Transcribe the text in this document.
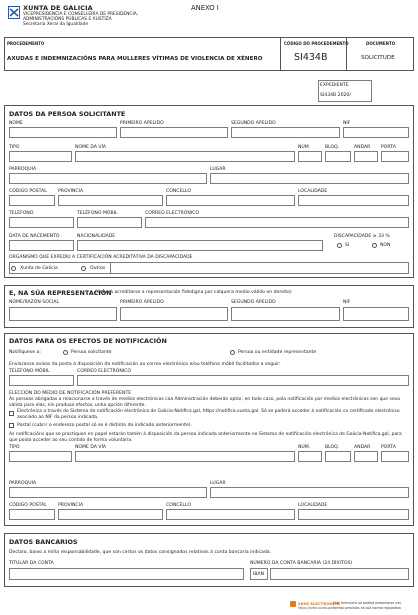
XUNTA DE GALICIA
VICEPRESIDENCIA E CONSELLERÍA DE PRESIDENCIA,
ADMINISTRACIÓNS PÚBLICAS E XUSTIZA
Secretaría Xeral da Igualdade
ANEXO I
PROCEDEMENTO
AXUDAS E INDEMNIZACIÓNS PARA MULLERES VÍTIMAS DE VIOLENCIA DE XÉNERO
CÓDIGO DO PROCEDEMENTO
SI434B
DOCUMENTO
SOLICITUDE
EXPEDIENTE
SI434B 2020/
DATOS DA PERSOA SOLICITANTE
NOME	PRIMEIRO APELIDO	SEGUNDO APELIDO	NIF
TIPO	NOME DA VÍA	NÚM.	BLOQ.	ANDAR PORTA
PARROQUIA	LUGAR
CÓDIGO POSTAL PROVINCIA	CONCELLO	LOCALIDADE
TELÉFONO	TELÉFONO MÓBIL	CORREO ELECTRÓNICO
DATA DE NACEMENTO	NACIONALIDADE	DISCAPACIDADE ≥ 33 %
SI	NON
ORGANISMO QUE EXPEDIU A CERTIFICACIÓN ACREDITATIVA DA DISCAPACIDADE
Xunta de Galicia	Outros
E, NA SÚA REPRESENTACIÓN
(deberá acreditarse a representación fidedigna por calquera medio válido en dereito)
NOME/RAZÓN SOCIAL	PRIMEIRO APELIDO	SEGUNDO APELIDO	NIF
DATOS PARA OS EFECTOS DE NOTIFICACIÓN
Notifíquese a:	Persoa solicitante	Persoa ou entidade representante
Enviaranse avisos da posta á disposición da notificación ao correo electrónico e/ou teléfono móbil facilitados a seguir:
TELÉFONO MÓBIL	CORREO ELECTRÓNICO
ELECCIÓN DO MEDIO DE NOTIFICACIÓN PREFERENTE
As persoas obrigadas a relacionarse a través de medios electrónicos coa Administración deberán optar, en todo caso, pola notificación por medios electrónicos sen que sexa válida para elas, nin produza efectos, unha opción diferente.
Electrónica a través do Sistema de notificación electrónica de Galicia-Notifica.gal, https://notifica.xunta.gal. Só se poderá acceder á notificación co certificado electrónico asociado ao NIF da persoa indicada.
Postal (cubrir o enderezo postal só se é distinto do indicado anteriormente).
As notificacións que se practiquen en papel estarán tamén á disposición da persoa indicada anteriormente no Sistema de notificación electrónica de Galicia-Notifica.gal, para que poida acceder ao seu contido de forma voluntaria.
TIPO	NOME DA VÍA	NÚM.	BLOQ.	ANDAR PORTA
PARROQUIA	LUGAR
CÓDIGO POSTAL PROVINCIA	CONCELLO	LOCALIDADE
DATOS BANCARIOS
Declaro, baixo a miña responsabilidade, que son certos os datos consignados relativos á conta bancaria indicada.
TITULAR DA CONTA	NÚMERO DA CONTA BANCARIA (24 DÍXITOS)
IBAN
SEDE ELECTRÓNICA
https://sede.xunta.gal
Este formulario só poderá presentarse nas
formas previstas na súa norma reguladora
